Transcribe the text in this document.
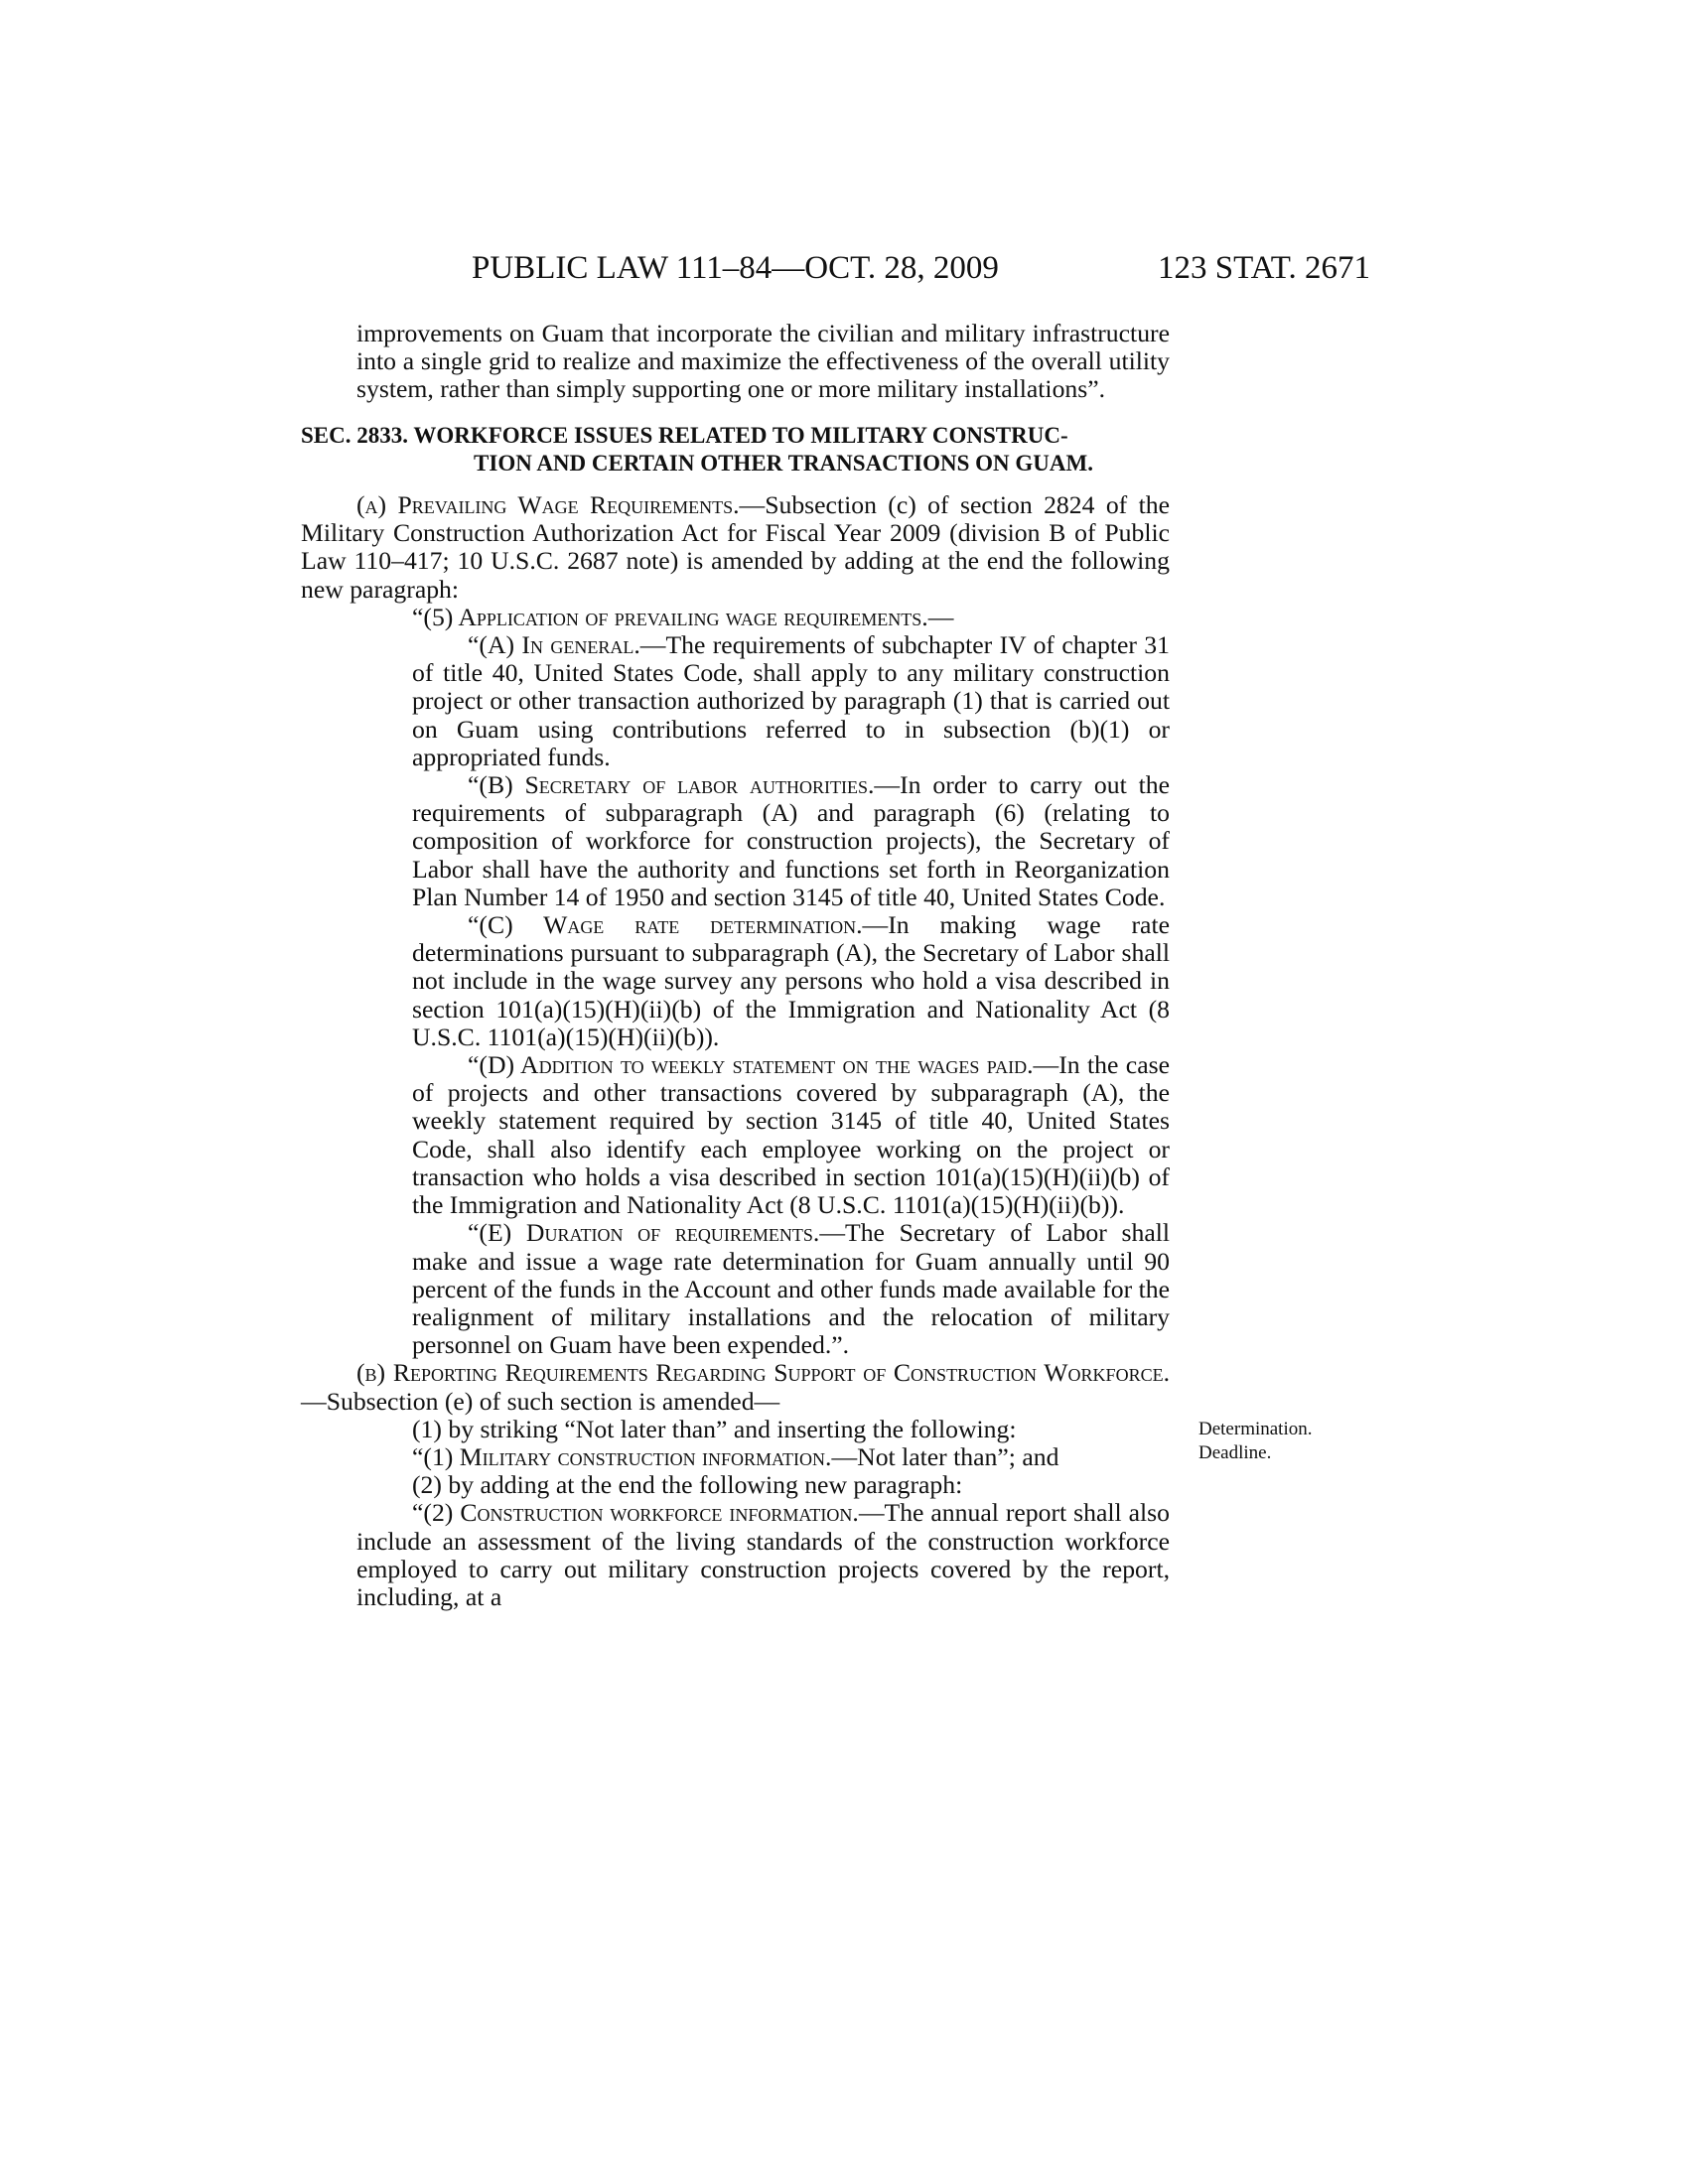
PUBLIC LAW 111–84—OCT. 28, 2009	123 STAT. 2671

improvements on Guam that incorporate the civilian and military infrastructure into a single grid to realize and maximize the effectiveness of the overall utility system, rather than simply supporting one or more military installations”.

SEC. 2833. WORKFORCE ISSUES RELATED TO MILITARY CONSTRUC-
TION AND CERTAIN OTHER TRANSACTIONS ON GUAM.

(a) Prevailing Wage Requirements.—Subsection (c) of section 2824 of the Military Construction Authorization Act for Fiscal Year 2009 (division B of Public Law 110–417; 10 U.S.C. 2687 note) is amended by adding at the end the following new paragraph:

“(5) Application of prevailing wage requirements.—

“(A) In general.—The requirements of subchapter IV of chapter 31 of title 40, United States Code, shall apply to any military construction project or other transaction authorized by paragraph (1) that is carried out on Guam using contributions referred to in subsection (b)(1) or appropriated funds.

“(B) Secretary of labor authorities.—In order to carry out the requirements of subparagraph (A) and paragraph (6) (relating to composition of workforce for construction projects), the Secretary of Labor shall have the authority and functions set forth in Reorganization Plan Number 14 of 1950 and section 3145 of title 40, United States Code.

“(C) Wage rate determination.—In making wage rate determinations pursuant to subparagraph (A), the Secretary of Labor shall not include in the wage survey any persons who hold a visa described in section 101(a)(15)(H)(ii)(b) of the Immigration and Nationality Act (8 U.S.C. 1101(a)(15)(H)(ii)(b)).

“(D) Addition to weekly statement on the wages paid.—In the case of projects and other transactions covered by subparagraph (A), the weekly statement required by section 3145 of title 40, United States Code, shall also identify each employee working on the project or transaction who holds a visa described in section 101(a)(15)(H)(ii)(b) of the Immigration and Nationality Act (8 U.S.C. 1101(a)(15)(H)(ii)(b)).

“(E) Duration of requirements.—The Secretary of Labor shall make and issue a wage rate determination for Guam annually until 90 percent of the funds in the Account and other funds made available for the realignment of military installations and the relocation of military personnel on Guam have been expended.”.

(b) Reporting Requirements Regarding Support of Construction Workforce.—Subsection (e) of such section is amended—

(1) by striking “Not later than” and inserting the following:

“(1) Military construction information.—Not later than”; and

(2) by adding at the end the following new paragraph:

“(2) Construction workforce information.—The annual report shall also include an assessment of the living standards of the construction workforce employed to carry out military construction projects covered by the report, including, at a

Determination.
Deadline.
